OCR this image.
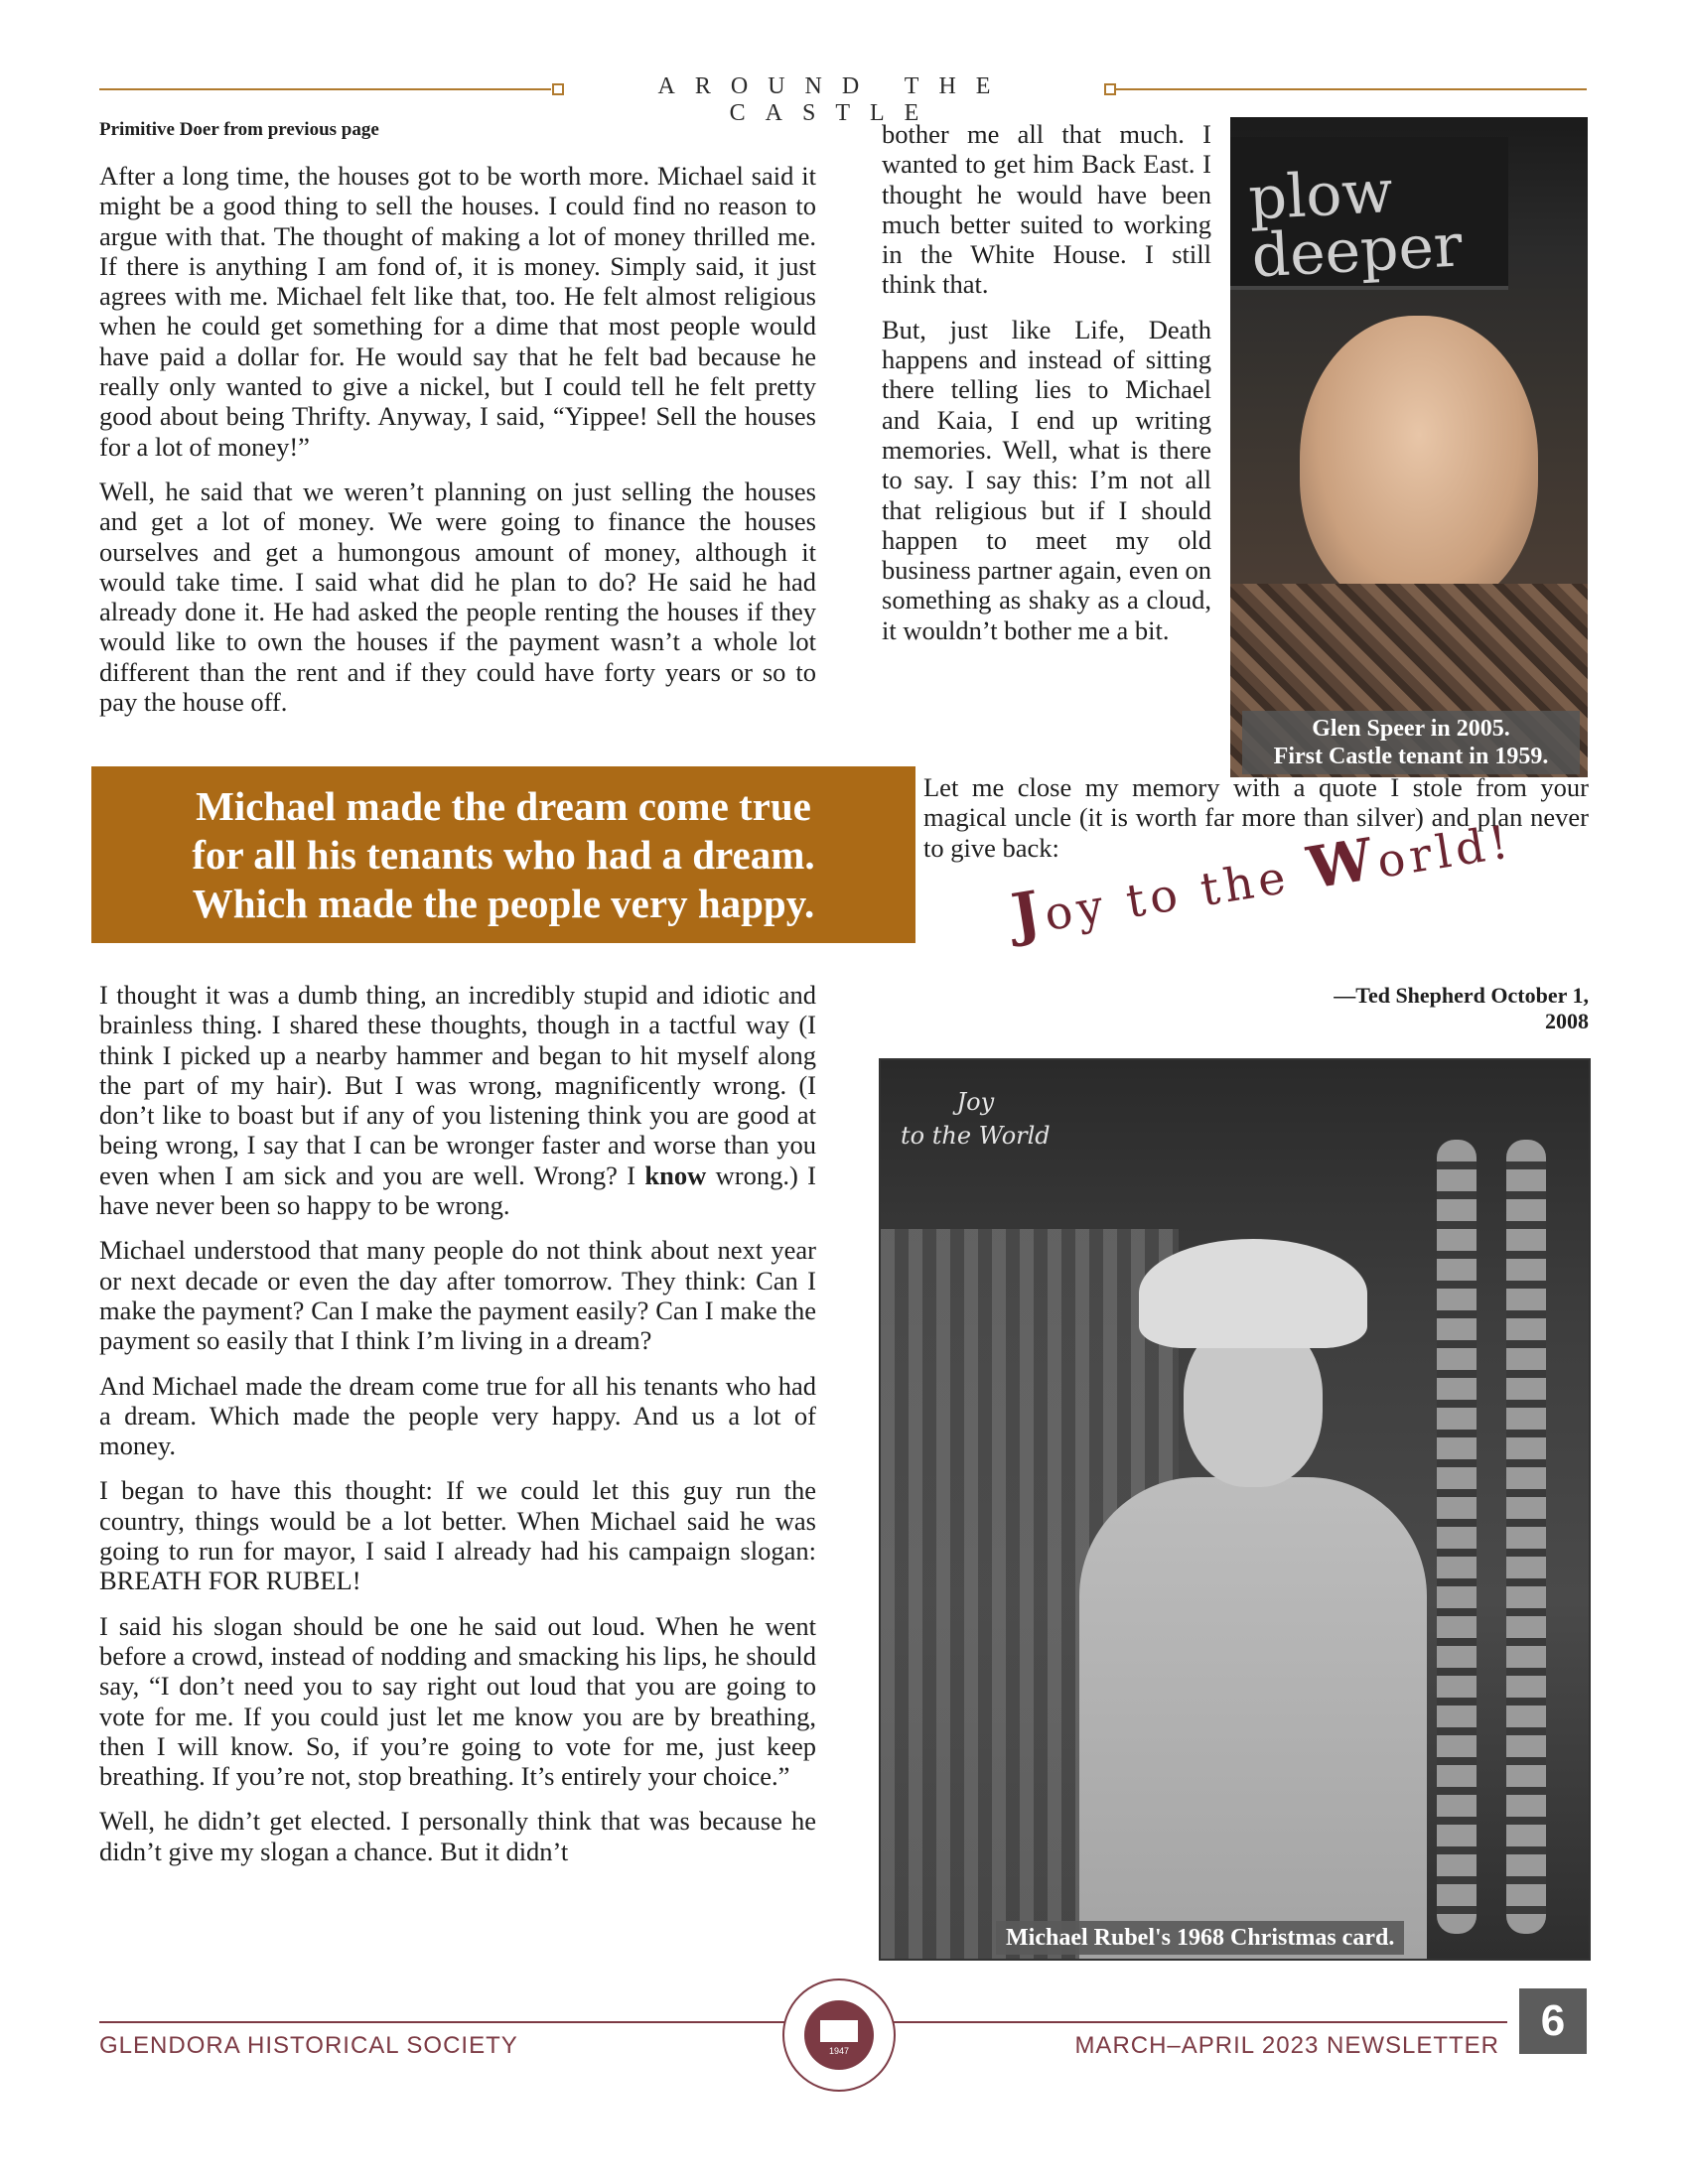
AROUND THE CASTLE
Primitive Doer from previous page

After a long time, the houses got to be worth more. Michael said it might be a good thing to sell the houses. I could find no reason to argue with that. The thought of making a lot of money thrilled me. If there is anything I am fond of, it is money. Simply said, it just agrees with me. Michael felt like that, too. He felt almost religious when he could get something for a dime that most people would have paid a dollar for. He would say that he felt bad because he really only wanted to give a nickel, but I could tell he felt pretty good about being Thrifty. Anyway, I said, “Yippee! Sell the houses for a lot of money!”

Well, he said that we weren’t planning on just selling the houses and get a lot of money. We were going to finance the houses ourselves and get a humongous amount of money, although it would take time. I said what did he plan to do? He said he had already done it. He had asked the people renting the houses if they would like to own the houses if the payment wasn’t a whole lot different than the rent and if they could have forty years or so to pay the house off.

Michael made the dream come true
for all his tenants who had a dream.
Which made the people very happy.

I thought it was a dumb thing, an incredibly stupid and idiotic and brainless thing. I shared these thoughts, though in a tactful way (I think I picked up a nearby hammer and began to hit myself along the part of my hair). But I was wrong, magnificently wrong. (I don’t like to boast but if any of you listening think you are good at being wrong, I say that I can be wronger faster and worse than you even when I am sick and you are well. Wrong? I know wrong.) I have never been so happy to be wrong.

Michael understood that many people do not think about next year or next decade or even the day after tomorrow. They think: Can I make the payment? Can I make the payment easily? Can I make the payment so easily that I think I’m living in a dream?

And Michael made the dream come true for all his tenants who had a dream. Which made the people very happy. And us a lot of money.

I began to have this thought: If we could let this guy run the country, things would be a lot better. When Michael said he was going to run for mayor, I said I already had his campaign slogan: BREATH FOR RUBEL!

I said his slogan should be one he said out loud. When he went before a crowd, instead of nodding and smacking his lips, he should say, “I don’t need you to say right out loud that you are going to vote for me. If you could just let me know you are by breathing, then I will know. So, if you’re going to vote for me, just keep breathing. If you’re not, stop breathing. It’s entirely your choice.”

Well, he didn’t get elected. I personally think that was because he didn’t give my slogan a chance. But it didn’t

bother me all that much. I wanted to get him Back East. I thought he would have been much better suited to working in the White House. I still think that.

But, just like Life, Death happens and instead of sitting there telling lies to Michael and Kaia, I end up writing memories. Well, what is there to say. I say this: I’m not all that religious but if I should happen to meet my old business partner again, even on something as shaky as a cloud, it wouldn’t bother me a bit.

plow
deeper
Glen Speer in 2005.
First Castle tenant in 1959.

Let me close my memory with a quote I stole from your magical uncle (it is worth far more than silver) and plan never to give back:

Joy to the World!
—Ted Shepherd October 1, 2008
Joy
to the World
Michael Rubel's 1968 Christmas card.
GLENDORA HISTORICAL SOCIETY	1947	MARCH–APRIL 2023 NEWSLETTER
6
